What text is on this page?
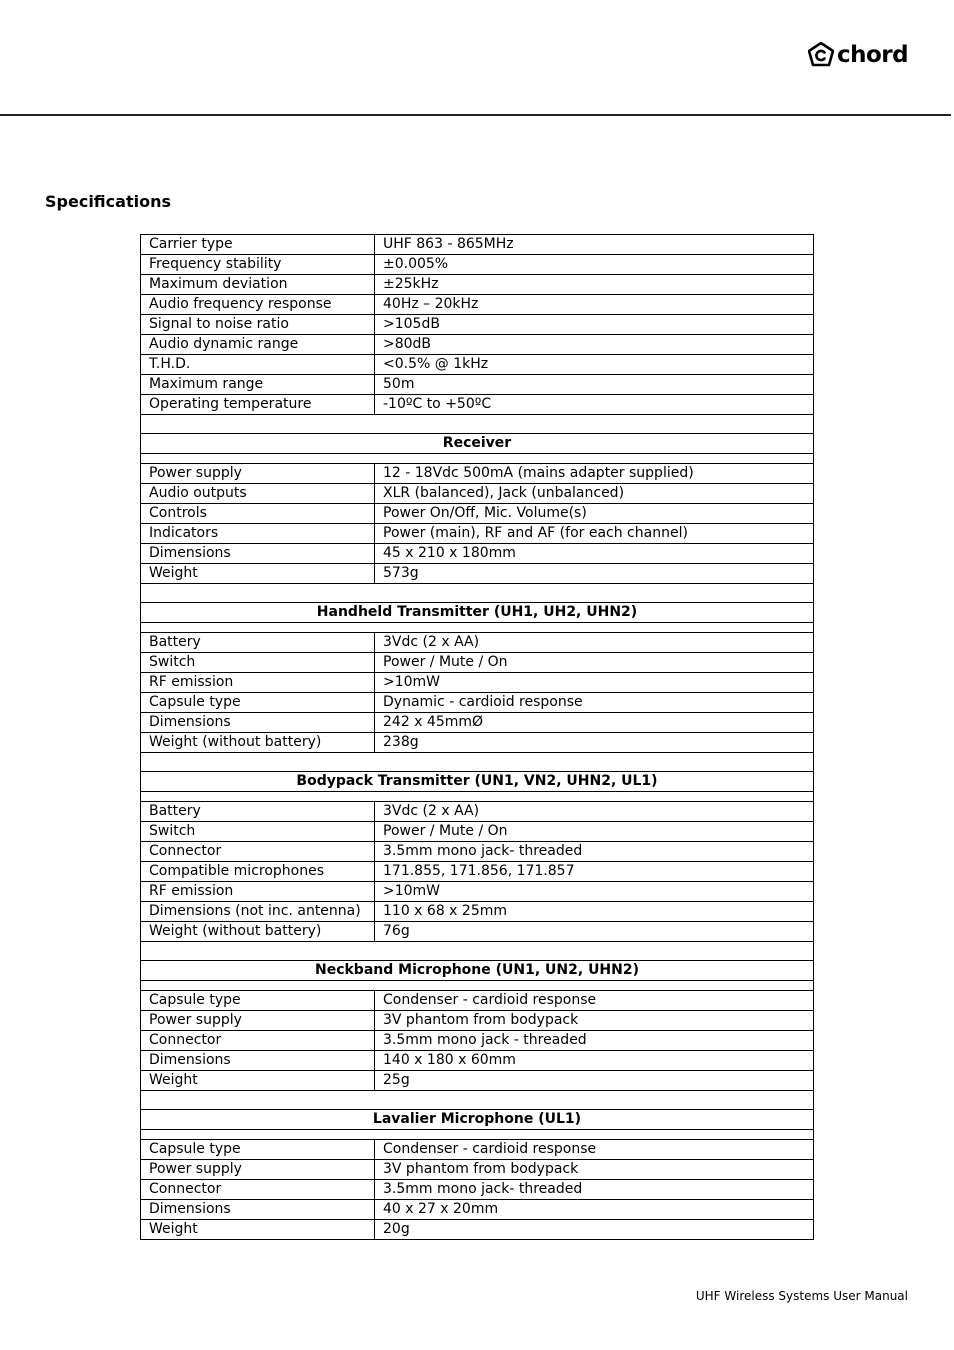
chord
Specifications
Carrier type	UHF 863 - 865MHz
Frequency stability	±0.005%
Maximum deviation	±25kHz
Audio frequency response	40Hz – 20kHz
Signal to noise ratio	>105dB
Audio dynamic range	>80dB
T.H.D.	<0.5% @ 1kHz
Maximum range	50m
Operating temperature	-10ºC to +50ºC

Receiver	

Power supply	12 - 18Vdc 500mA (mains adapter supplied)
Audio outputs	XLR (balanced), Jack (unbalanced)
Controls	Power On/Off, Mic. Volume(s)
Indicators	Power (main), RF and AF (for each channel)
Dimensions	45 x 210 x 180mm
Weight	573g

Handheld Transmitter (UH1, UH2, UHN2)	

Battery	3Vdc (2 x AA)
Switch	Power / Mute / On
RF emission	>10mW
Capsule type	Dynamic - cardioid response
Dimensions	242 x 45mmØ
Weight (without battery)	238g

Bodypack Transmitter (UN1, VN2, UHN2, UL1)	

Battery	3Vdc (2 x AA)
Switch	Power / Mute / On
Connector	3.5mm mono jack- threaded
Compatible microphones	171.855, 171.856, 171.857
RF emission	>10mW
Dimensions (not inc. antenna)	110 x 68 x 25mm
Weight (without battery)	76g

Neckband Microphone (UN1, UN2, UHN2)	

Capsule type	Condenser - cardioid response
Power supply	3V phantom from bodypack
Connector	3.5mm mono jack - threaded
Dimensions	140 x 180 x 60mm
Weight	25g

Lavalier Microphone (UL1)	

Capsule type	Condenser - cardioid response
Power supply	3V phantom from bodypack
Connector	3.5mm mono jack- threaded
Dimensions	40 x 27 x 20mm
Weight	20g
UHF Wireless Systems User Manual
